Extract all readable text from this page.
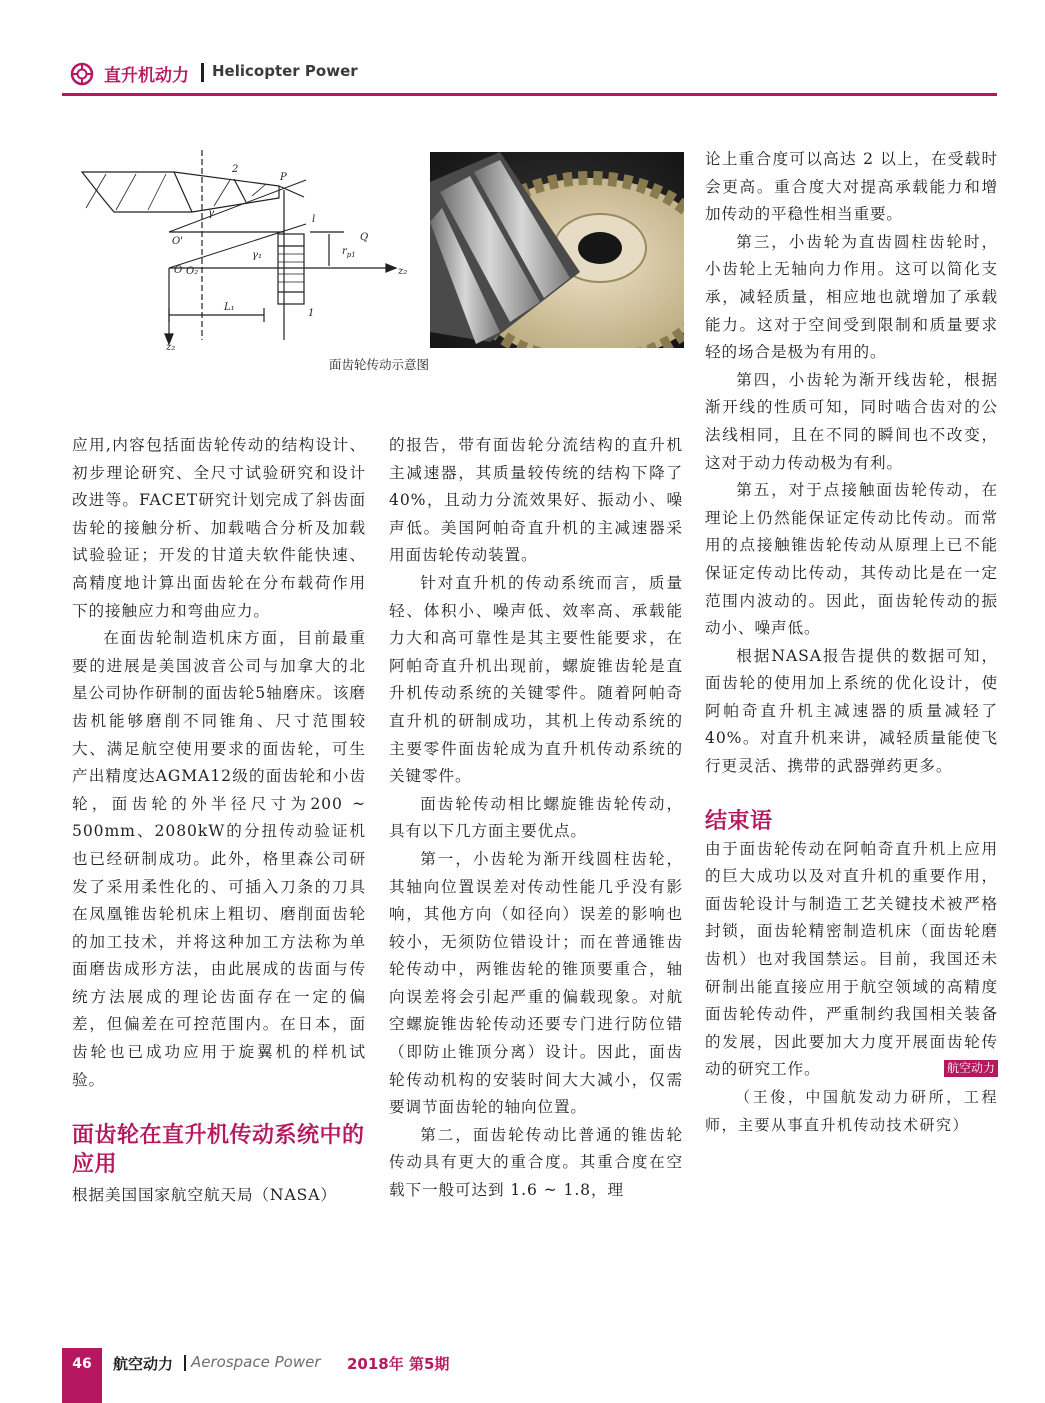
直升机动力 Helicopter Power
2
P
γ
O'
l
Q
γ₁
O O₂
$r_{p1}$
z₂
L₁
1
z₂
面齿轮传动示意图

应用,内容包括面齿轮传动的结构设计、初步理论研究、全尺寸试验研究和设计改进等。FACET研究计划完成了斜齿面齿轮的接触分析、加载啮合分析及加载试验验证；开发的甘道夫软件能快速、高精度地计算出面齿轮在分布载荷作用下的接触应力和弯曲应力。

在面齿轮制造机床方面，目前最重要的进展是美国波音公司与加拿大的北星公司协作研制的面齿轮5轴磨床。该磨齿机能够磨削不同锥角、尺寸范围较大、满足航空使用要求的面齿轮，可生产出精度达AGMA12级的面齿轮和小齿轮，面齿轮的外半径尺寸为200 ~ 500mm、2080kW的分扭传动验证机也已经研制成功。此外，格里森公司研发了采用柔性化的、可插入刀条的刀具在凤凰锥齿轮机床上粗切、磨削面齿轮的加工技术，并将这种加工方法称为单面磨齿成形方法，由此展成的齿面与传统方法展成的理论齿面存在一定的偏差，但偏差在可控范围内。在日本，面齿轮也已成功应用于旋翼机的样机试验。

面齿轮在直升机传动系统中的应用

根据美国国家航空航天局（NASA）

的报告，带有面齿轮分流结构的直升机主减速器，其质量较传统的结构下降了40%，且动力分流效果好、振动小、噪声低。美国阿帕奇直升机的主减速器采用面齿轮传动装置。

针对直升机的传动系统而言，质量轻、体积小、噪声低、效率高、承载能力大和高可靠性是其主要性能要求，在阿帕奇直升机出现前，螺旋锥齿轮是直升机传动系统的关键零件。随着阿帕奇直升机的研制成功，其机上传动系统的主要零件面齿轮成为直升机传动系统的关键零件。

面齿轮传动相比螺旋锥齿轮传动，具有以下几方面主要优点。

第一，小齿轮为渐开线圆柱齿轮，其轴向位置误差对传动性能几乎没有影响，其他方向（如径向）误差的影响也较小，无须防位错设计；而在普通锥齿轮传动中，两锥齿轮的锥顶要重合，轴向误差将会引起严重的偏载现象。对航空螺旋锥齿轮传动还要专门进行防位错（即防止锥顶分离）设计。因此，面齿轮传动机构的安装时间大大减小，仅需要调节面齿轮的轴向位置。

第二，面齿轮传动比普通的锥齿轮传动具有更大的重合度。其重合度在空载下一般可达到 1.6 ~ 1.8，理

论上重合度可以高达 2 以上，在受载时会更高。重合度大对提高承载能力和增加传动的平稳性相当重要。

第三，小齿轮为直齿圆柱齿轮时，小齿轮上无轴向力作用。这可以简化支承，减轻质量，相应地也就增加了承载能力。这对于空间受到限制和质量要求轻的场合是极为有用的。

第四，小齿轮为渐开线齿轮，根据渐开线的性质可知，同时啮合齿对的公法线相同，且在不同的瞬间也不改变，这对于动力传动极为有利。

第五，对于点接触面齿轮传动，在理论上仍然能保证定传动比传动。而常用的点接触锥齿轮传动从原理上已不能保证定传动比传动，其传动比是在一定范围内波动的。因此，面齿轮传动的振动小、噪声低。

根据NASA报告提供的数据可知，面齿轮的使用加上系统的优化设计，使阿帕奇直升机主减速器的质量减轻了40%。对直升机来讲，减轻质量能使飞行更灵活、携带的武器弹药更多。

结束语

由于面齿轮传动在阿帕奇直升机上应用的巨大成功以及对直升机的重要作用，面齿轮设计与制造工艺关键技术被严格封锁，面齿轮精密制造机床（面齿轮磨齿机）也对我国禁运。目前，我国还未研制出能直接应用于航空领域的高精度面齿轮传动件，严重制约我国相关装备的发展，因此要加大力度开展面齿轮传动的研究工作。	航空动力

（王俊，中国航发动力研所，工程师，主要从事直升机传动技术研究）

46	航空动力 Aerospace Power 2018年 第5期
